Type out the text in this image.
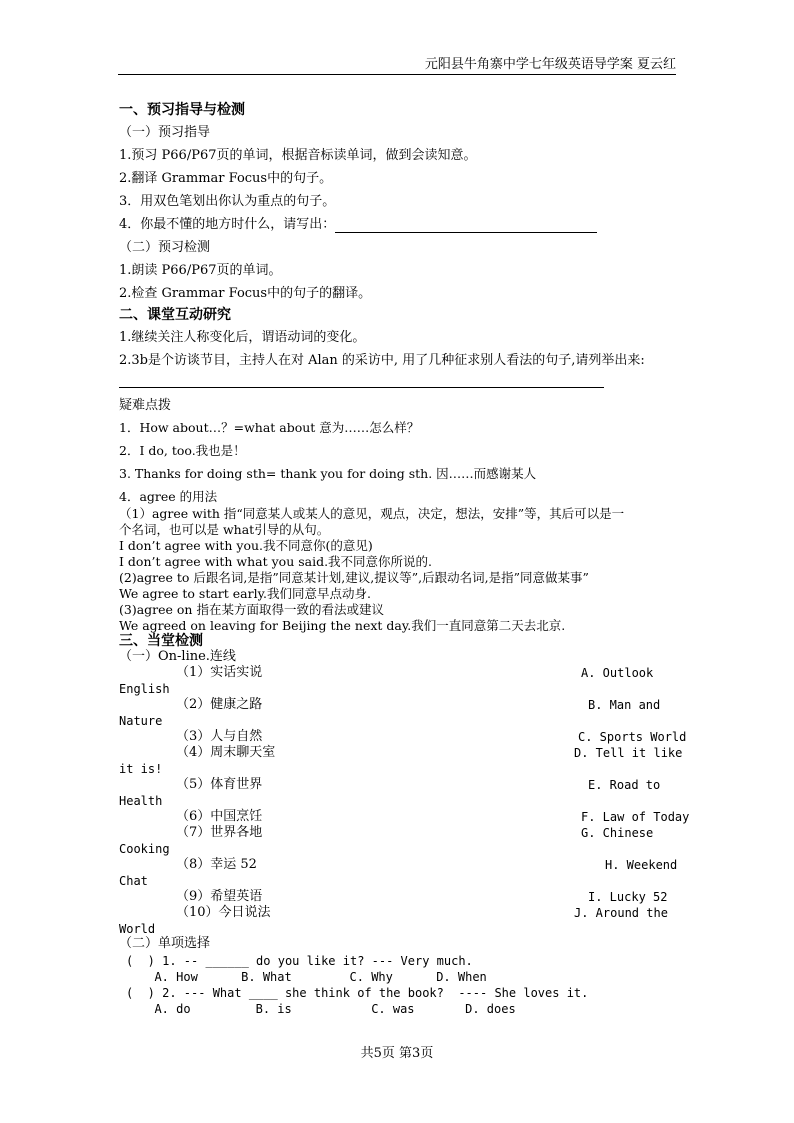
元阳县牛角寨中学七年级英语导学案 夏云红
一、预习指导与检测
（一）预习指导
1.预习 P66/P67页的单词，根据音标读单词，做到会读知意。
2.翻译 Grammar Focus中的句子。
3．用双色笔划出你认为重点的句子。
4．你最不懂的地方时什么，请写出：
（二）预习检测
1.朗读 P66/P67页的单词。
2.检查 Grammar Focus中的句子的翻译。
二、课堂互动研究
1.继续关注人称变化后，谓语动词的变化。
2.3b是个访谈节目，主持人在对 Alan 的采访中, 用了几种征求别人看法的句子,请列举出来:
疑难点拨
1．How about…？=what about 意为……怎么样？
2．I do, too.我也是！
3. Thanks for doing sth= thank you for doing sth. 因……而感谢某人
4．agree 的用法
（1）agree with 指“同意某人或某人的意见，观点，决定，想法，安排”等，其后可以是一
个名词，也可以是 what引导的从句。
I don’t agree with you.我不同意你(的意见)
I don’t agree with what you said.我不同意你所说的.
(2)agree to 后跟名词,是指”同意某计划,建议,提议等”,后跟动名词,是指”同意做某事”
We agree to start early.我们同意早点动身.
(3)agree on 指在某方面取得一致的看法或建议
We agreed on leaving for Beijing the next day.我们一直同意第二天去北京.
三、当堂检测
（一）On-line.连线
（1）实话实说	A. Outlook
English
（2）健康之路	B. Man and
Nature
（3）人与自然	C. Sports World
（4）周末聊天室	D. Tell it like
it is!
（5）体育世界	E. Road to
Health
（6）中国烹饪	F. Law of Today
（7）世界各地	G. Chinese
Cooking
（8）幸运 52	H. Weekend
Chat
（9）希望英语	I. Lucky 52
（10）今日说法	J. Around the
World
（二）单项选择
(  ) 1. -- ______ do you like it? --- Very much.
A. How      B. What        C. Why      D. When
(  ) 2. --- What ____ she think of the book?  ---- She loves it.
A. do         B. is           C. was       D. does
共5页 第3页
